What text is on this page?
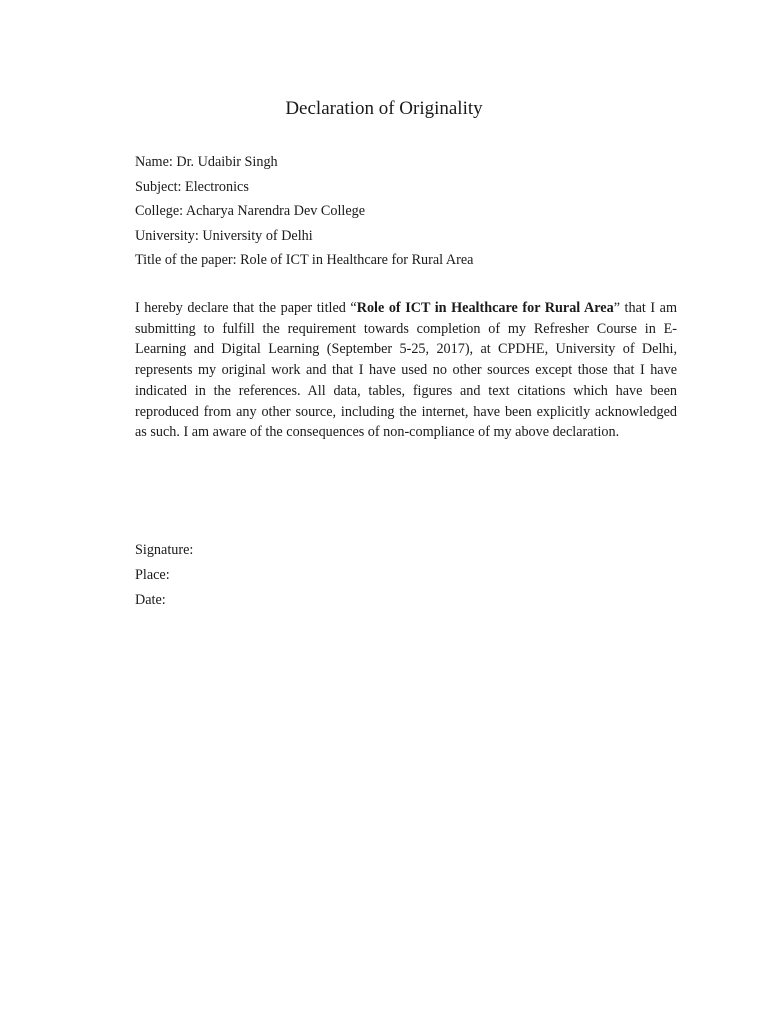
Declaration of Originality
Name: Dr. Udaibir Singh
Subject: Electronics
College: Acharya Narendra Dev College
University: University of Delhi
Title of the paper: Role of ICT in Healthcare for Rural Area

I hereby declare that the paper titled “Role of ICT in Healthcare for Rural Area” that I am submitting to fulfill the requirement towards completion of my Refresher Course in E-Learning and Digital Learning (September 5-25, 2017), at CPDHE, University of Delhi, represents my original work and that I have used no other sources except those that I have indicated in the references. All data, tables, figures and text citations which have been reproduced from any other source, including the internet, have been explicitly acknowledged as such. I am aware of the consequences of non-compliance of my above declaration.

Signature:
Place:
Date:
